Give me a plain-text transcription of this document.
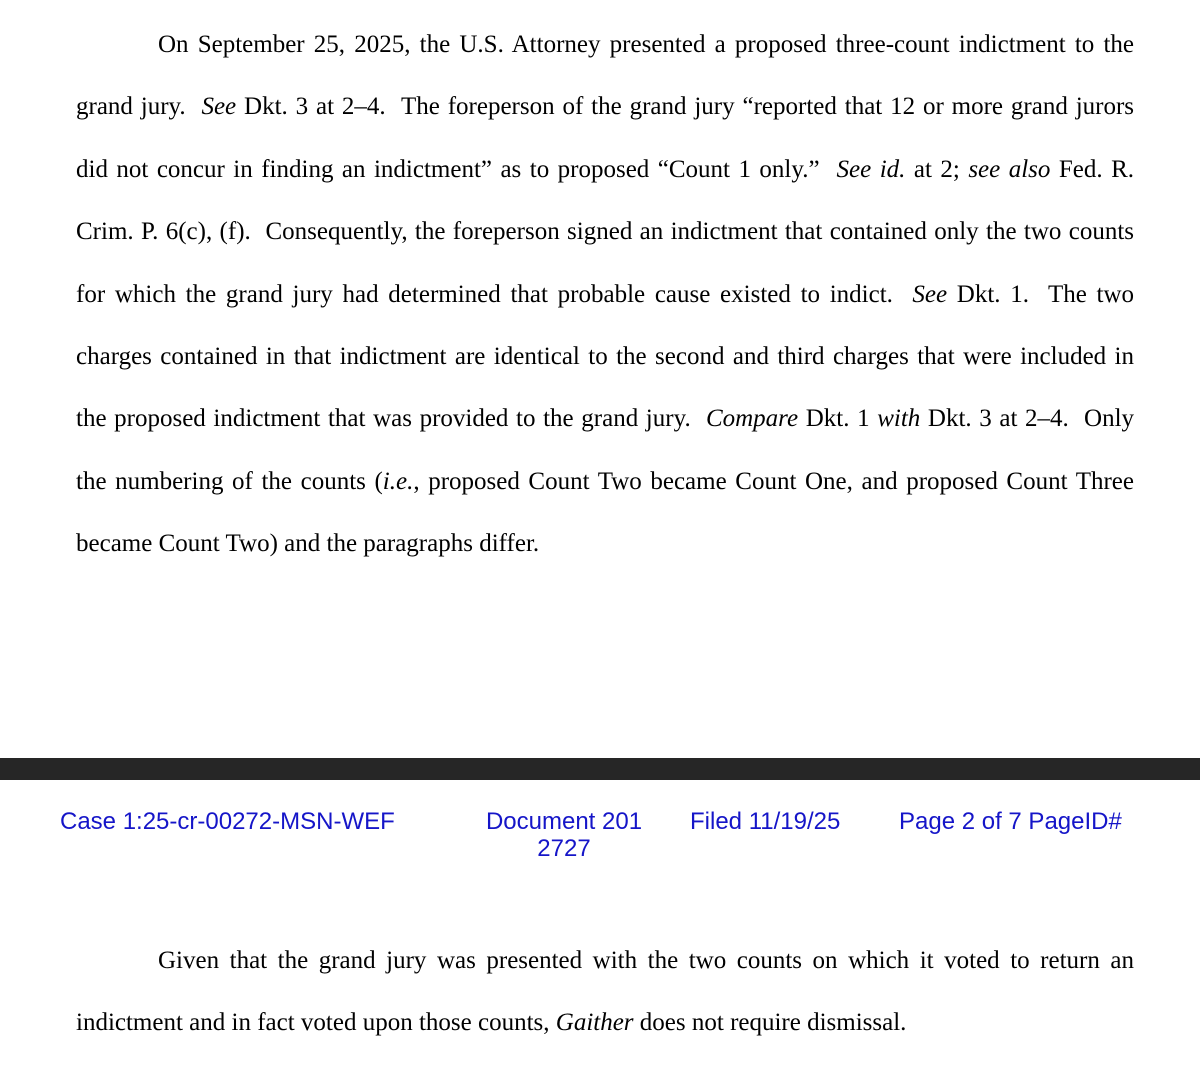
On September 25, 2025, the U.S. Attorney presented a proposed three-count indictment to the grand jury. See Dkt. 3 at 2–4. The foreperson of the grand jury “reported that 12 or more grand jurors did not concur in finding an indictment” as to proposed “Count 1 only.” See id. at 2; see also Fed. R. Crim. P. 6(c), (f). Consequently, the foreperson signed an indictment that contained only the two counts for which the grand jury had determined that probable cause existed to indict. See Dkt. 1. The two charges contained in that indictment are identical to the second and third charges that were included in the proposed indictment that was provided to the grand jury. Compare Dkt. 1 with Dkt. 3 at 2–4. Only the numbering of the counts (i.e., proposed Count Two became Count One, and proposed Count Three became Count Two) and the paragraphs differ.

Case 1:25-cr-00272-MSN-WEF	Document 201
2727
Filed 11/19/25 Page 2 of 7 PageID#

Given that the grand jury was presented with the two counts on which it voted to return an indictment and in fact voted upon those counts, Gaither does not require dismissal.
